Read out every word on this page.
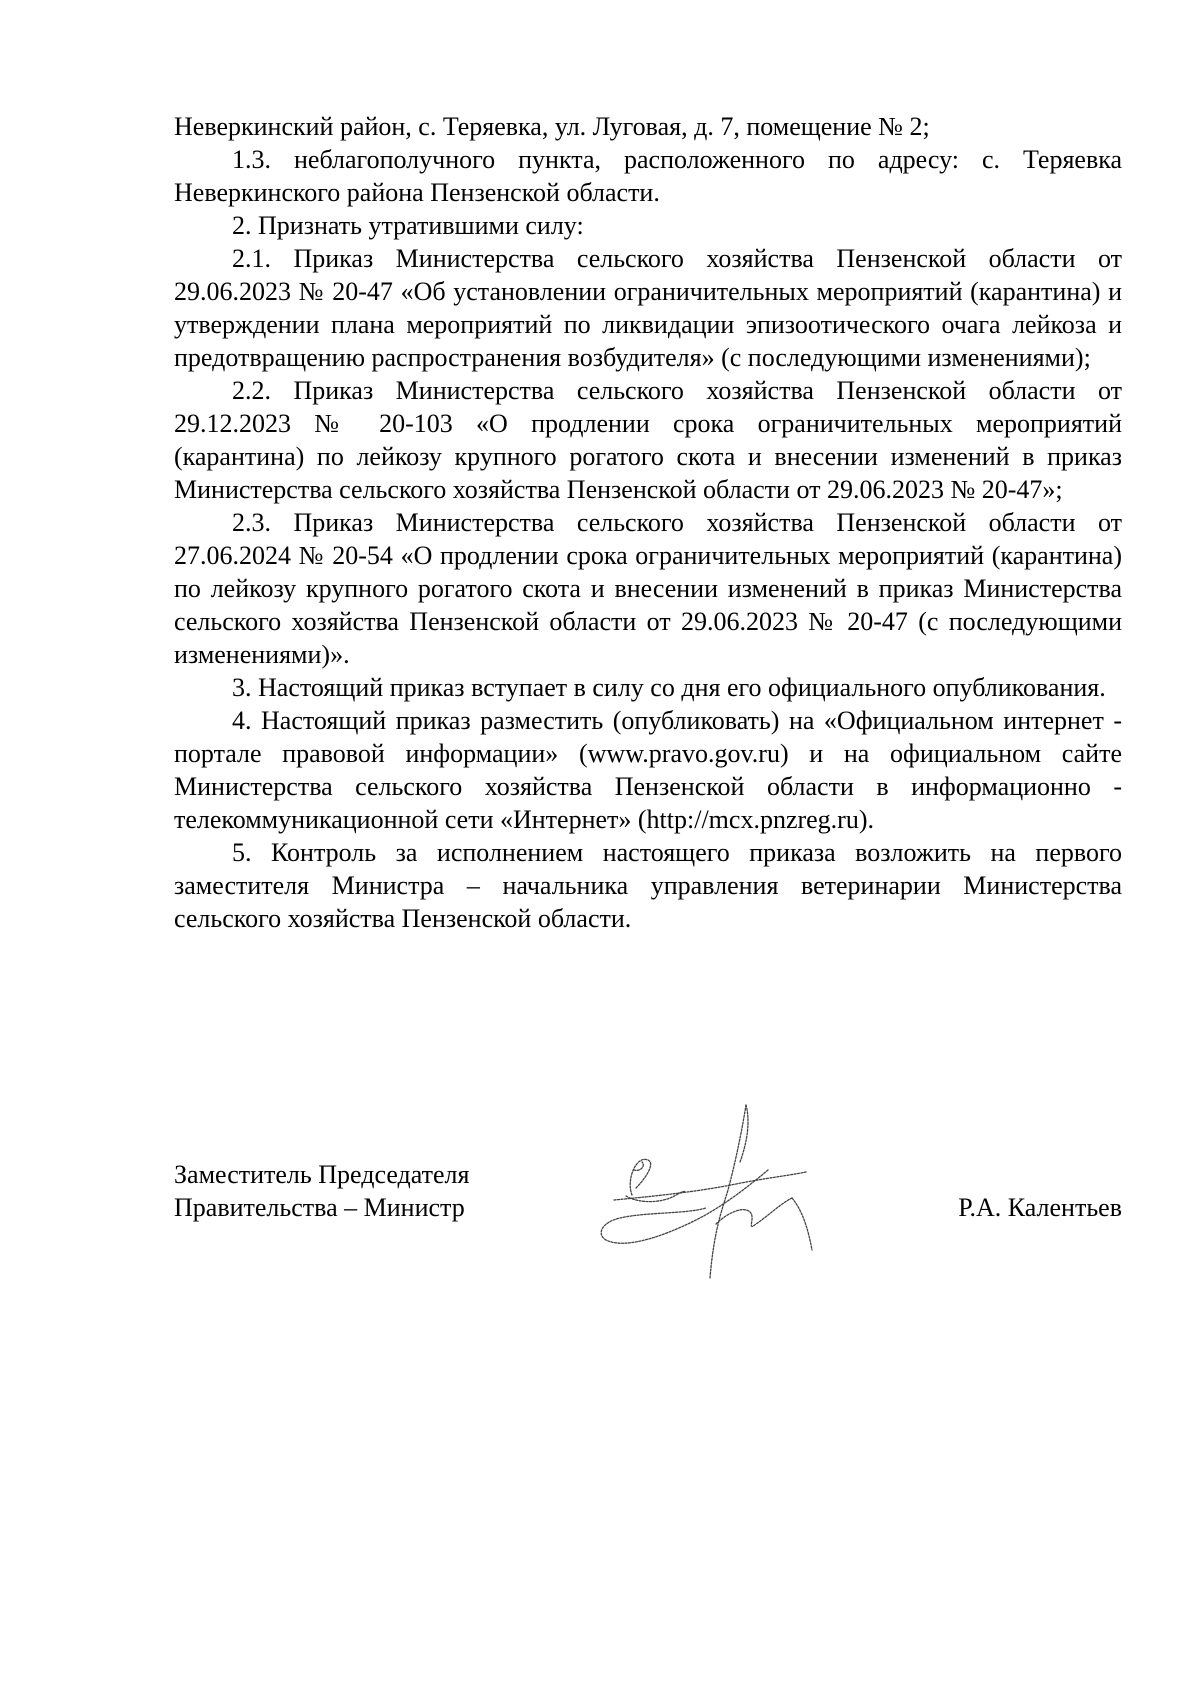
Неверкинский район, с. Теряевка, ул. Луговая, д. 7, помещение № 2;

1.3. неблагополучного пункта, расположенного по адресу: с. Теряевка Неверкинского района Пензенской области.

2. Признать утратившими силу:

2.1. Приказ Министерства сельского хозяйства Пензенской области от 29.06.2023 № 20-47 «Об установлении ограничительных мероприятий (карантина) и утверждении плана мероприятий по ликвидации эпизоотического очага лейкоза и предотвращению распространения возбудителя» (с последующими изменениями);

2.2. Приказ Министерства сельского хозяйства Пензенской области от 29.12.2023 № 20-103 «О продлении срока ограничительных мероприятий (карантина) по лейкозу крупного рогатого скота и внесении изменений в приказ Министерства сельского хозяйства Пензенской области от 29.06.2023 № 20-47»;

2.3. Приказ Министерства сельского хозяйства Пензенской области от 27.06.2024 № 20-54 «О продлении срока ограничительных мероприятий (карантина) по лейкозу крупного рогатого скота и внесении изменений в приказ Министерства сельского хозяйства Пензенской области от 29.06.2023 № 20-47 (с последующими изменениями)».

3. Настоящий приказ вступает в силу со дня его официального опубликования.

4. Настоящий приказ разместить (опубликовать) на «Официальном интернет - портале правовой информации» (www.pravo.gov.ru) и на официальном сайте Министерства сельского хозяйства Пензенской области в информационно - телекоммуникационной сети «Интернет» (http://mcx.pnzreg.ru).

5. Контроль за исполнением настоящего приказа возложить на первого заместителя Министра – начальника управления ветеринарии Министерства сельского хозяйства Пензенской области.

Заместитель Председателя
Правительства – Министр	Р.А. Калентьев
